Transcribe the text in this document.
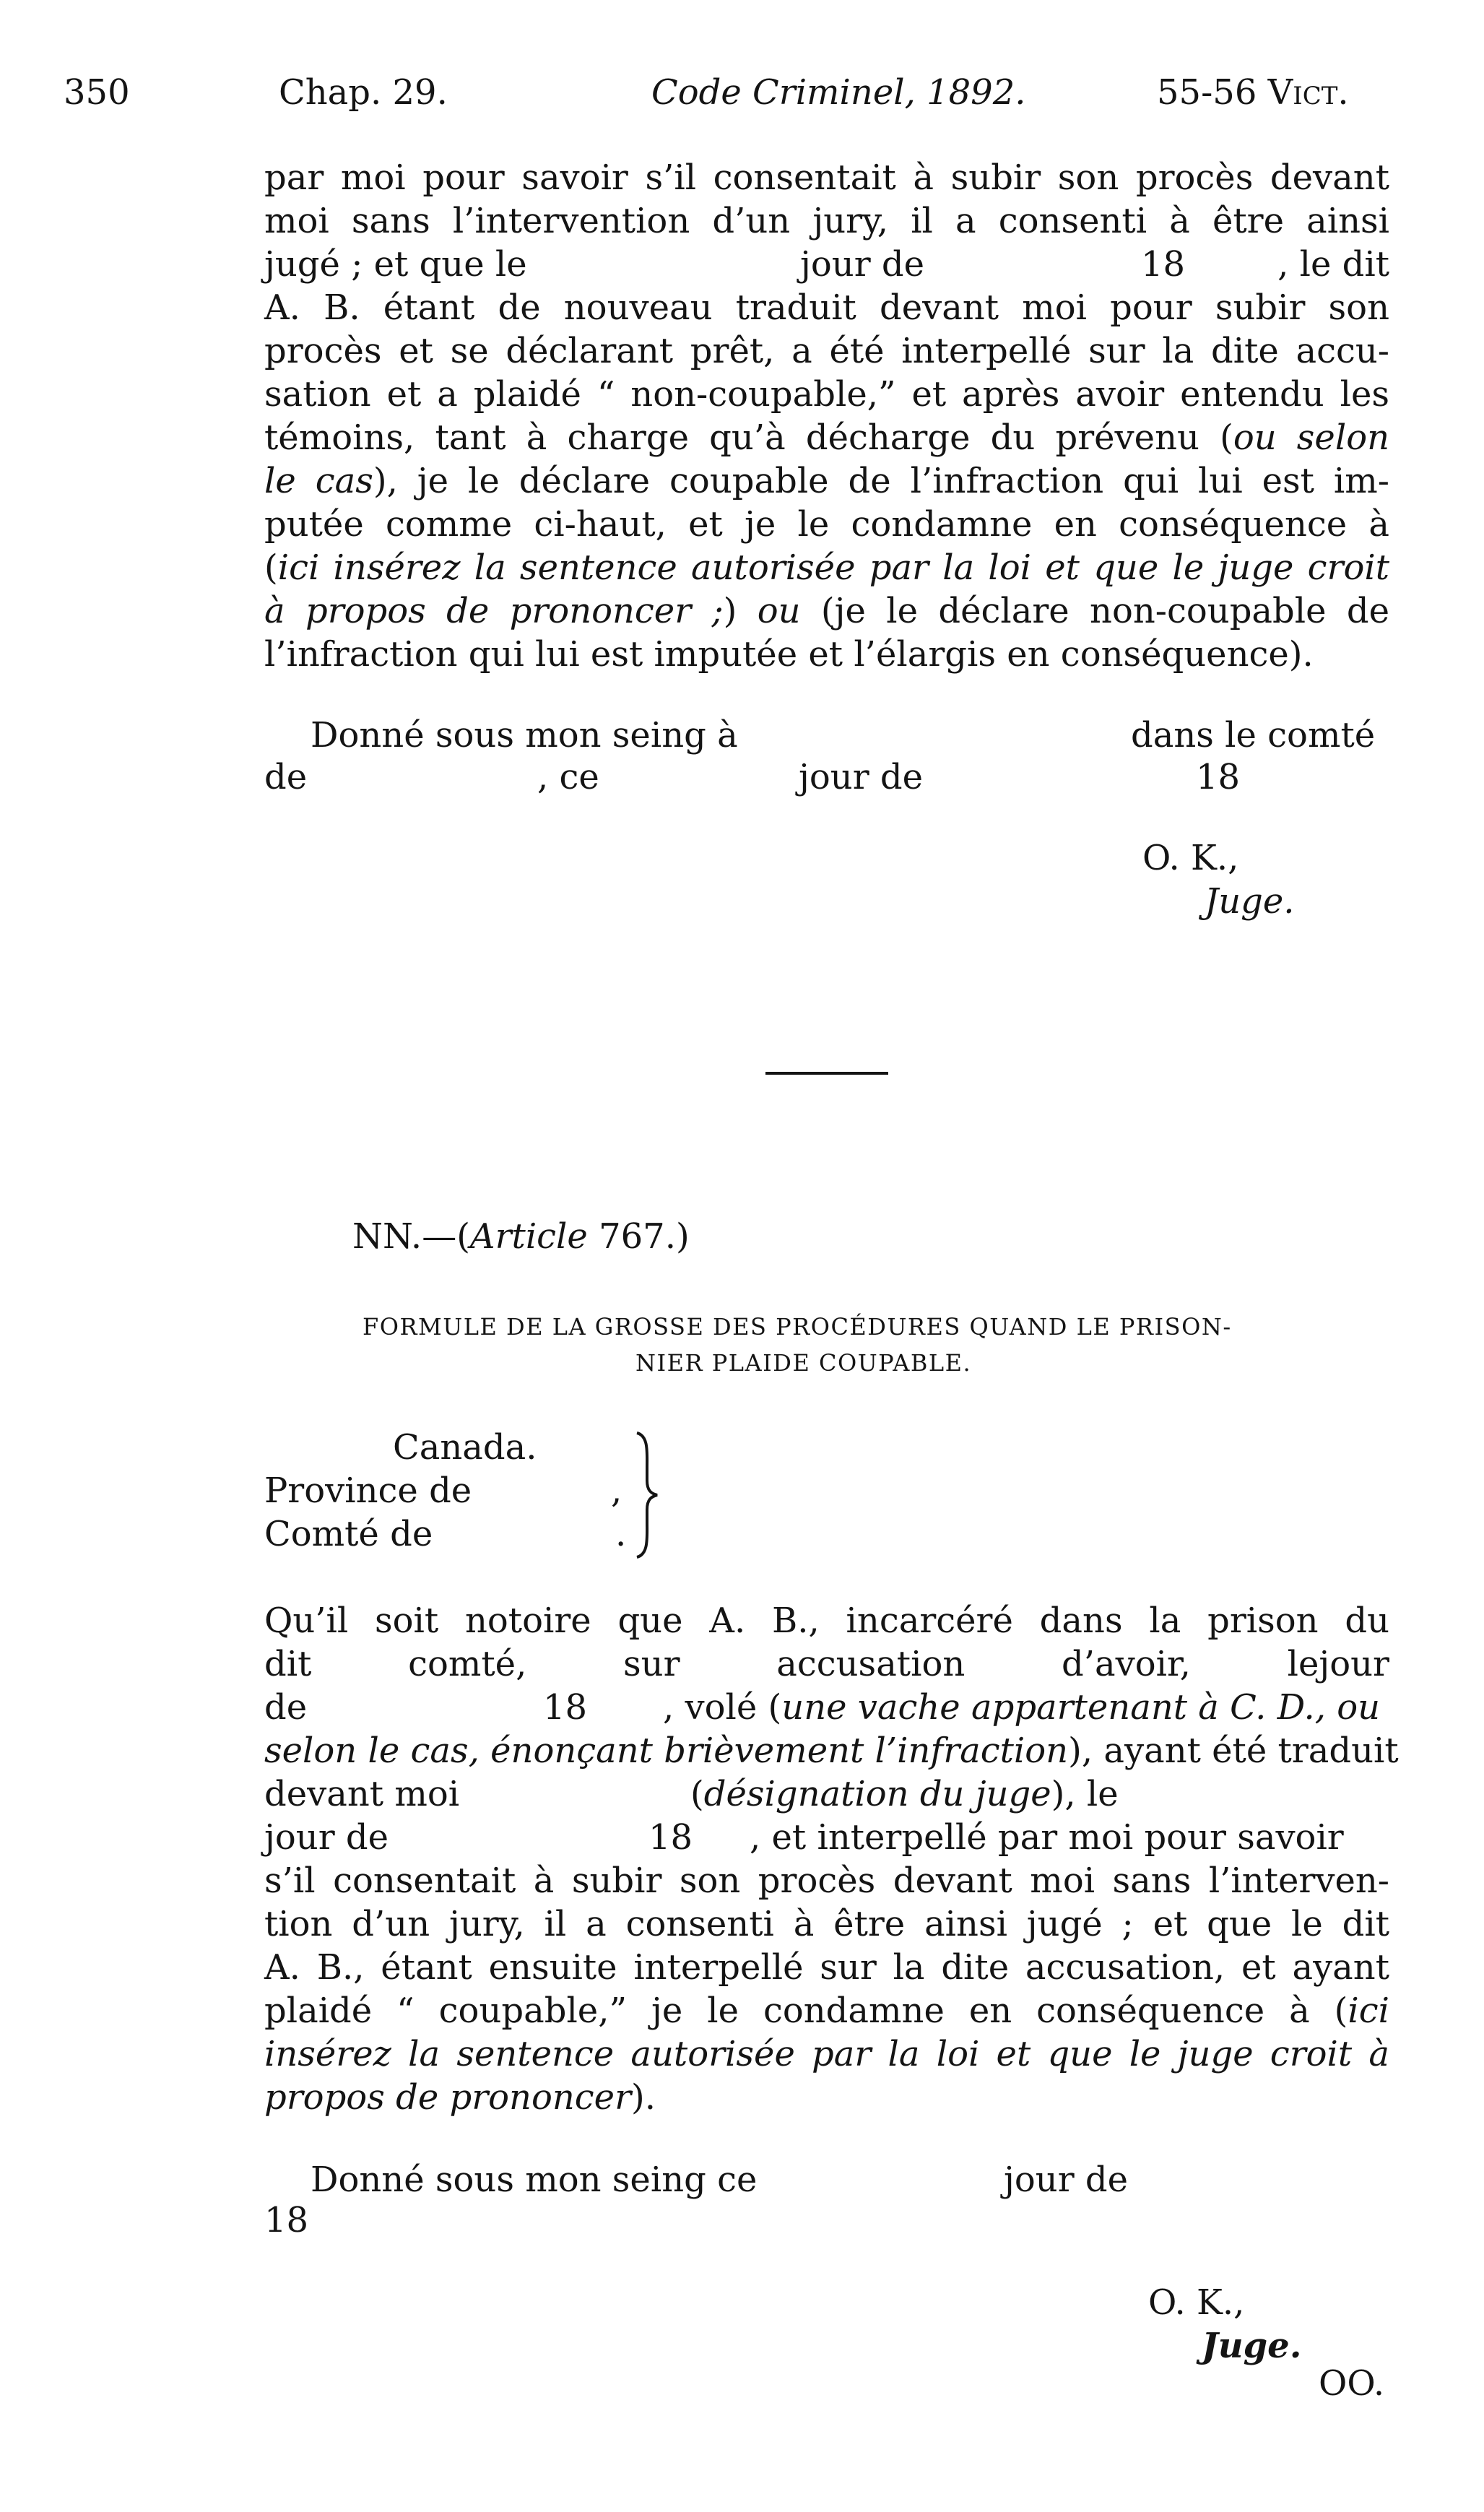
350	Chap. 29.	Code Criminel, 1892.	55-56 Vict.
par moi pour savoir s’il consentait à subir son procès devant
moi sans l’intervention d’un jury, il a consenti à être ainsi
jugé ; et que le	jour de	18	, le dit
A. B. étant de nouveau traduit devant moi pour subir son
procès et se déclarant prêt, a été interpellé sur la dite accu-
sation et a plaidé “ non-coupable,” et après avoir entendu les
témoins, tant à charge qu’à décharge du prévenu (ou selon
le cas), je le déclare coupable de l’infraction qui lui est im-
putée comme ci-haut, et je le condamne en conséquence à
(ici insérez la sentence autorisée par la loi et que le juge croit
à propos de prononcer ;) ou (je le déclare non-coupable de
l’infraction qui lui est imputée et l’élargis en conséquence).
Donné sous mon seing à	dans le comté
de	, ce	jour de	18
O. K.,
Juge.
NN.—(Article 767.)
FORMULE DE LA GROSSE DES PROCÉDURES QUAND LE PRISON-
NIER PLAIDE COUPABLE.
Canada.
Province de	,
Comté de	.
Qu’il soit notoire que A. B., incarcéré dans la prison du
dit comté, sur accusation d’avoir, lejour
de	18 , volé (une vache appartenant à C. D., ou
selon le cas, énonçant brièvement l’infraction), ayant été traduit
devant moi	(désignation du juge), le
jour de	18 , et interpellé par moi pour savoir
s’il consentait à subir son procès devant moi sans l’interven-
tion d’un jury, il a consenti à être ainsi jugé ; et que le dit
A. B., étant ensuite interpellé sur la dite accusation, et ayant
plaidé “ coupable,” je le condamne en conséquence à (ici
insérez la sentence autorisée par la loi et que le juge croit à
propos de prononcer).
Donné sous mon seing ce	jour de
18
O. K.,
Juge.
OO.
